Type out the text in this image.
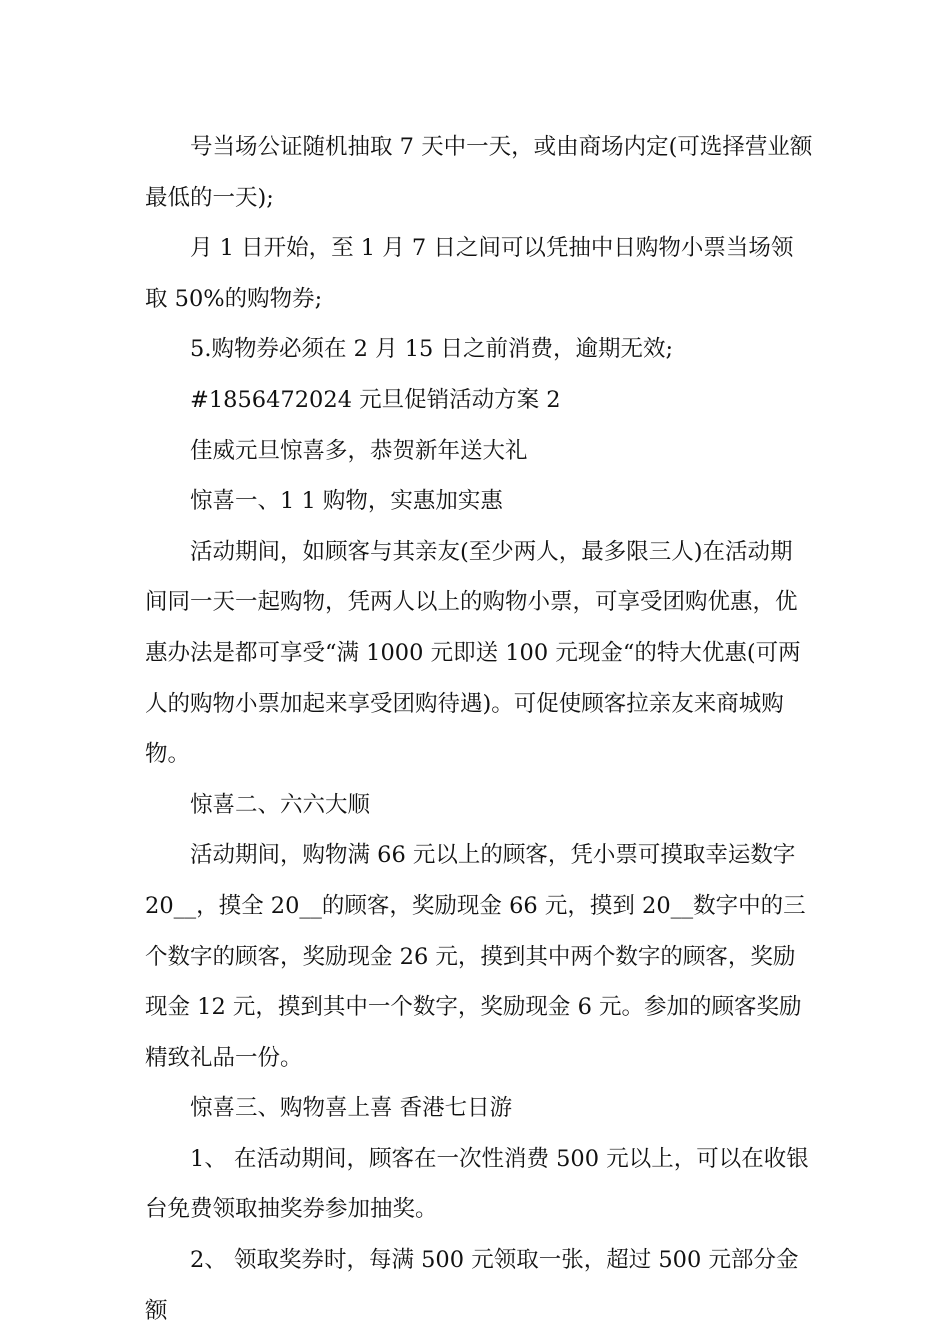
号当场公证随机抽取 7 天中一天，或由商场内定(可选择营业额最低的一天);

月 1 日开始，至 1 月 7 日之间可以凭抽中日购物小票当场领取 50%的购物券;

5.购物券必须在 2 月 15 日之前消费，逾期无效;

#1856472024 元旦促销活动方案 2

佳威元旦惊喜多，恭贺新年送大礼

惊喜一、1 1 购物，实惠加实惠

活动期间，如顾客与其亲友(至少两人，最多限三人)在活动期间同一天一起购物，凭两人以上的购物小票，可享受团购优惠，优惠办法是都可享受“满 1000 元即送 100 元现金“的特大优惠(可两人的购物小票加起来享受团购待遇)。可促使顾客拉亲友来商城购物。

惊喜二、六六大顺

活动期间，购物满 66 元以上的顾客，凭小票可摸取幸运数字 20__，摸全 20__的顾客，奖励现金 66 元，摸到 20__数字中的三个数字的顾客，奖励现金 26 元，摸到其中两个数字的顾客，奖励现金 12 元，摸到其中一个数字，奖励现金 6 元。参加的顾客奖励精致礼品一份。

惊喜三、购物喜上喜 香港七日游

1、 在活动期间，顾客在一次性消费 500 元以上，可以在收银台免费领取抽奖券参加抽奖。

2、 领取奖券时，每满 500 元领取一张，超过 500 元部分金额
